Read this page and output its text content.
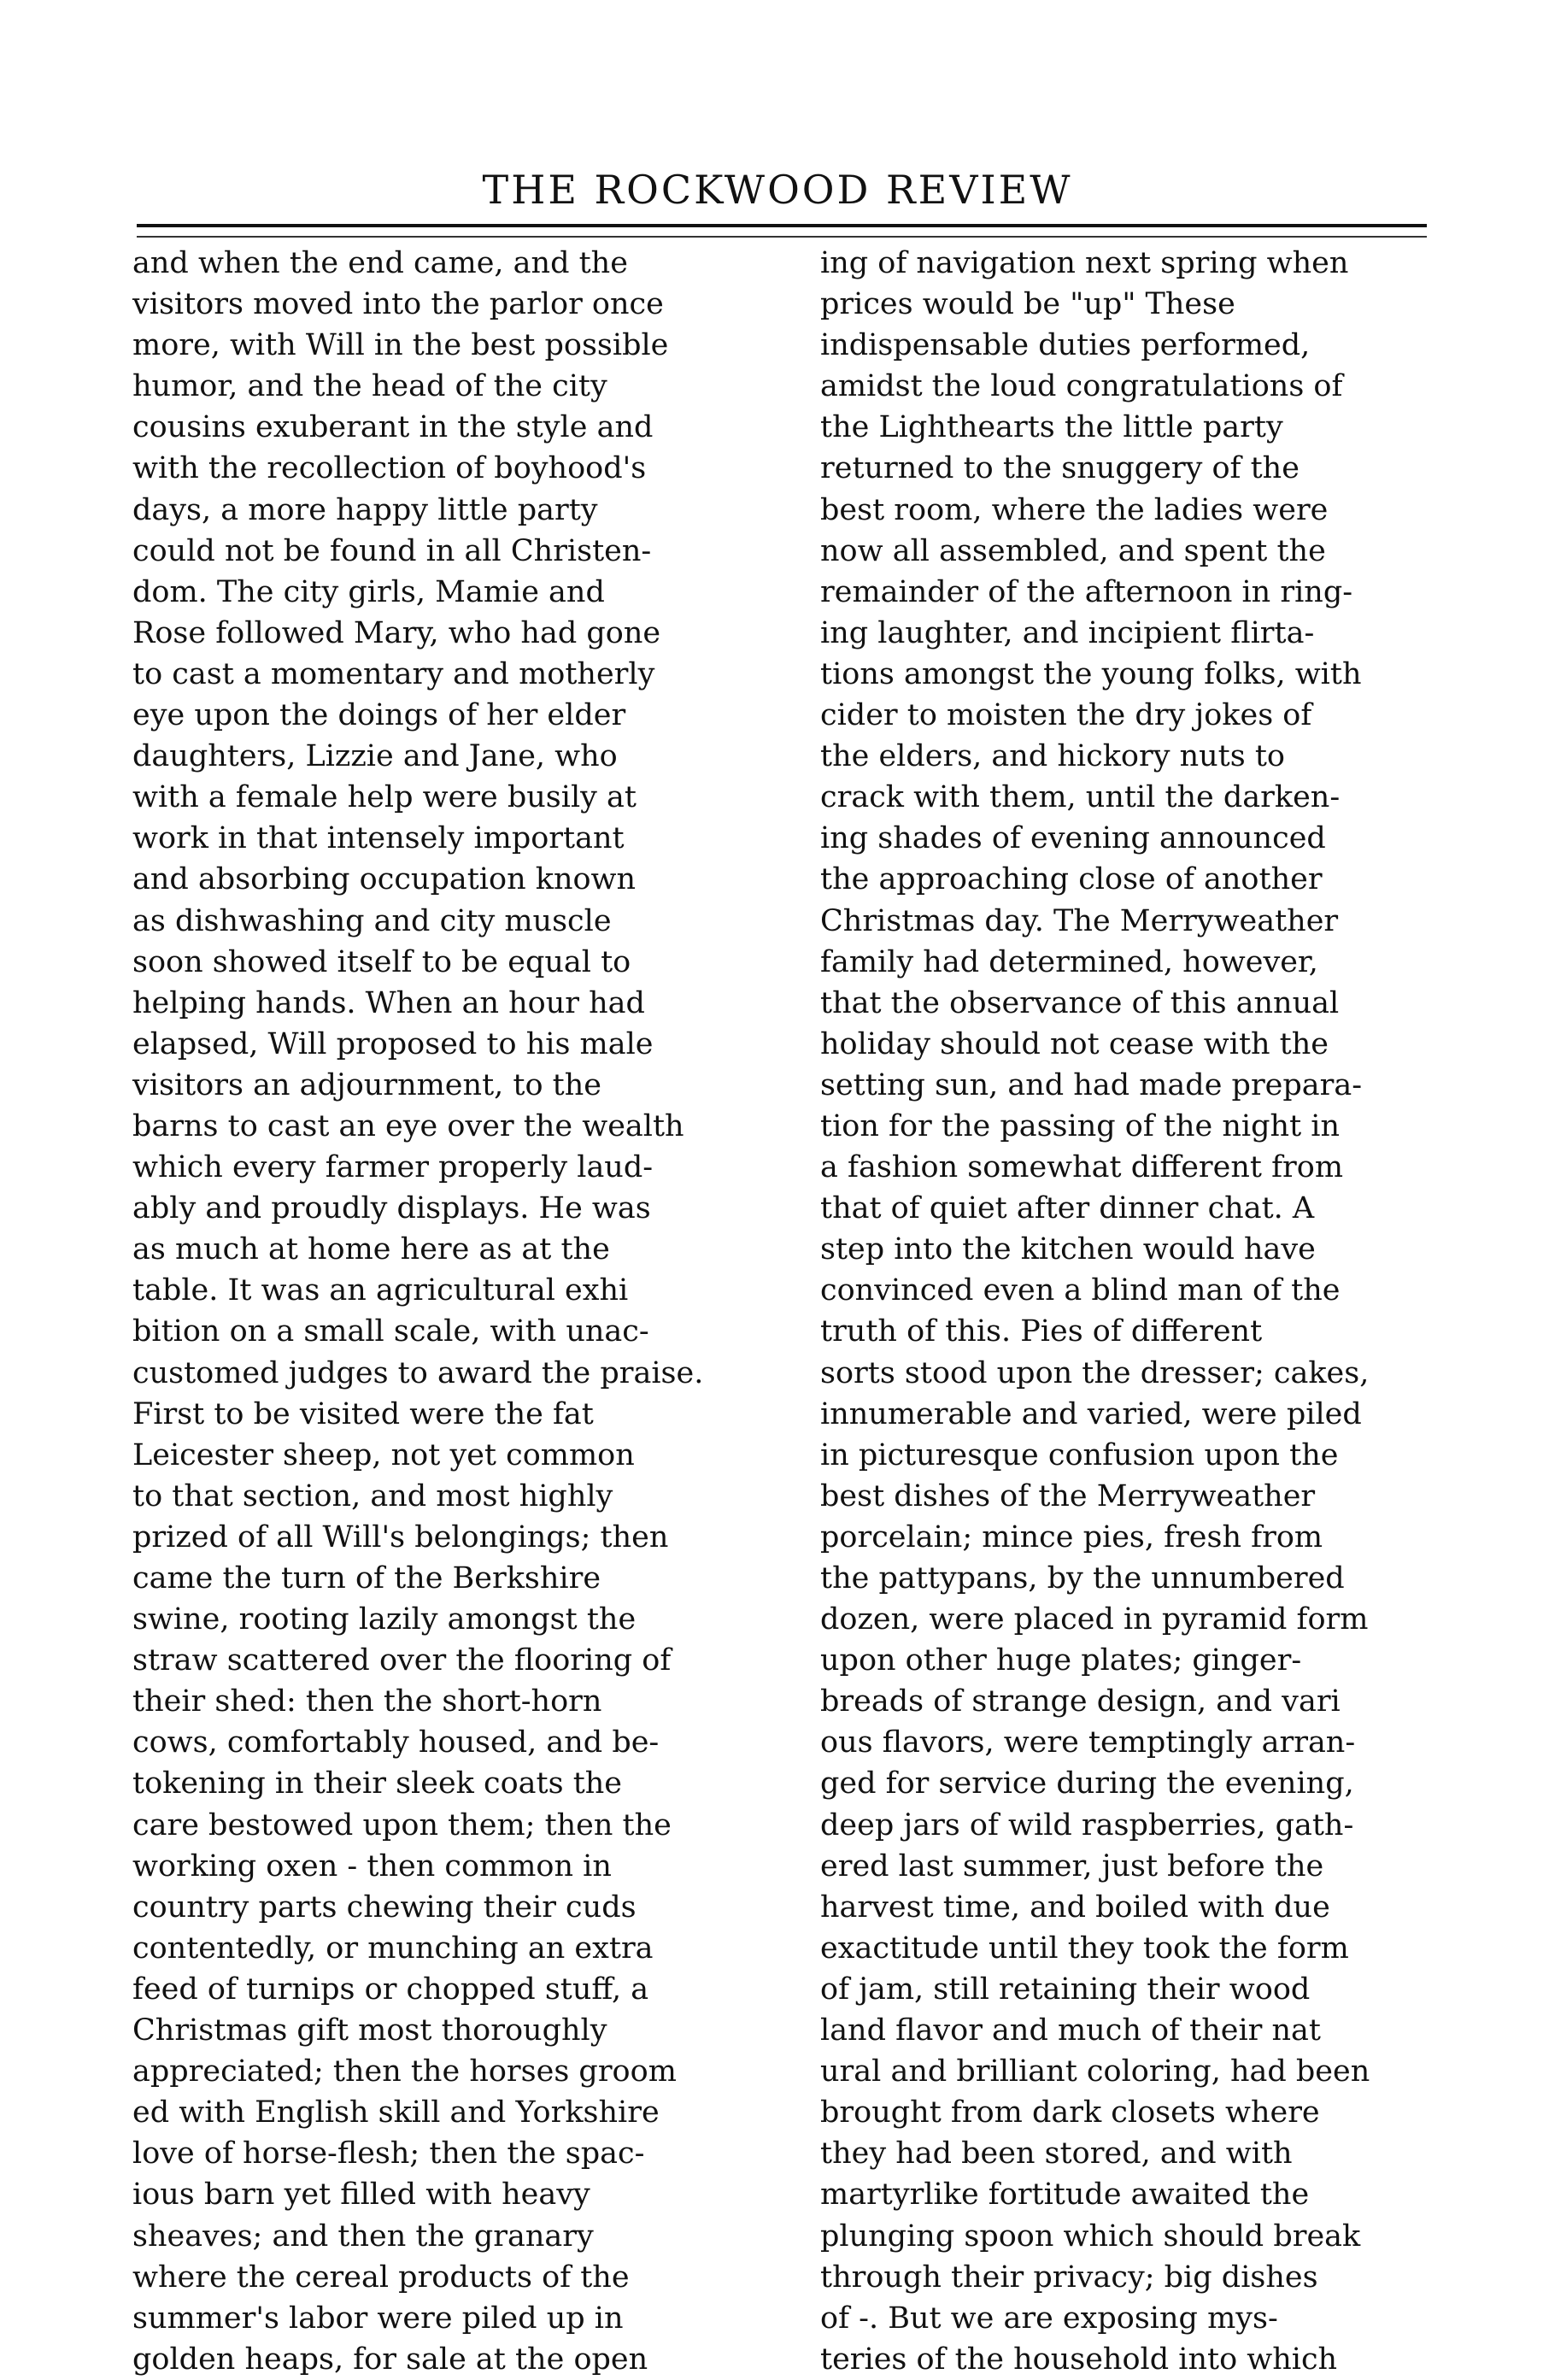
THE ROCKWOOD REVIEW
and when the end came, and the
visitors moved into the parlor once
more, with Will in the best possible
humor, and the head of the city
cousins exuberant in the style and
with the recollection of boyhood's
days, a more happy little party
could not be found in all Christen-
dom. The city girls, Mamie and
Rose followed Mary, who had gone
to cast a momentary and motherly
eye upon the doings of her elder
daughters, Lizzie and Jane, who
with a female help were busily at
work in that intensely important
and absorbing occupation known
as dishwashing and city muscle
soon showed itself to be equal to
helping hands. When an hour had
elapsed, Will proposed to his male
visitors an adjournment, to the
barns to cast an eye over the wealth
which every farmer properly laud-
ably and proudly displays. He was
as much at home here as at the
table. It was an agricultural exhi
bition on a small scale, with unac-
customed judges to award the praise.
First to be visited were the fat
Leicester sheep, not yet common
to that section, and most highly
prized of all Will's belongings; then
came the turn of the Berkshire
swine, rooting lazily amongst the
straw scattered over the flooring of
their shed: then the short-horn
cows, comfortably housed, and be-
tokening in their sleek coats the
care bestowed upon them; then the
working oxen - then common in
country parts chewing their cuds
contentedly, or munching an extra
feed of turnips or chopped stuff, a
Christmas gift most thoroughly
appreciated; then the horses groom
ed with English skill and Yorkshire
love of horse-flesh; then the spac-
ious barn yet filled with heavy
sheaves; and then the granary
where the cereal products of the
summer's labor were piled up in
golden heaps, for sale at the open
ing of navigation next spring when
prices would be "up" These
indispensable duties performed,
amidst the loud congratulations of
the Lighthearts the little party
returned to the snuggery of the
best room, where the ladies were
now all assembled, and spent the
remainder of the afternoon in ring-
ing laughter, and incipient flirta-
tions amongst the young folks, with
cider to moisten the dry jokes of
the elders, and hickory nuts to
crack with them, until the darken-
ing shades of evening announced
the approaching close of another
Christmas day. The Merryweather
family had determined, however,
that the observance of this annual
holiday should not cease with the
setting sun, and had made prepara-
tion for the passing of the night in
a fashion somewhat different from
that of quiet after dinner chat. A
step into the kitchen would have
convinced even a blind man of the
truth of this. Pies of different
sorts stood upon the dresser; cakes,
innumerable and varied, were piled
in picturesque confusion upon the
best dishes of the Merryweather
porcelain; mince pies, fresh from
the pattypans, by the unnumbered
dozen, were placed in pyramid form
upon other huge plates; ginger-
breads of strange design, and vari
ous flavors, were temptingly arran-
ged for service during the evening,
deep jars of wild raspberries, gath-
ered last summer, just before the
harvest time, and boiled with due
exactitude until they took the form
of jam, still retaining their wood
land flavor and much of their nat
ural and brilliant coloring, had been
brought from dark closets where
they had been stored, and with
martyrlike fortitude awaited the
plunging spoon which should break
through their privacy; big dishes
of -. But we are exposing mys-
teries of the household into which
